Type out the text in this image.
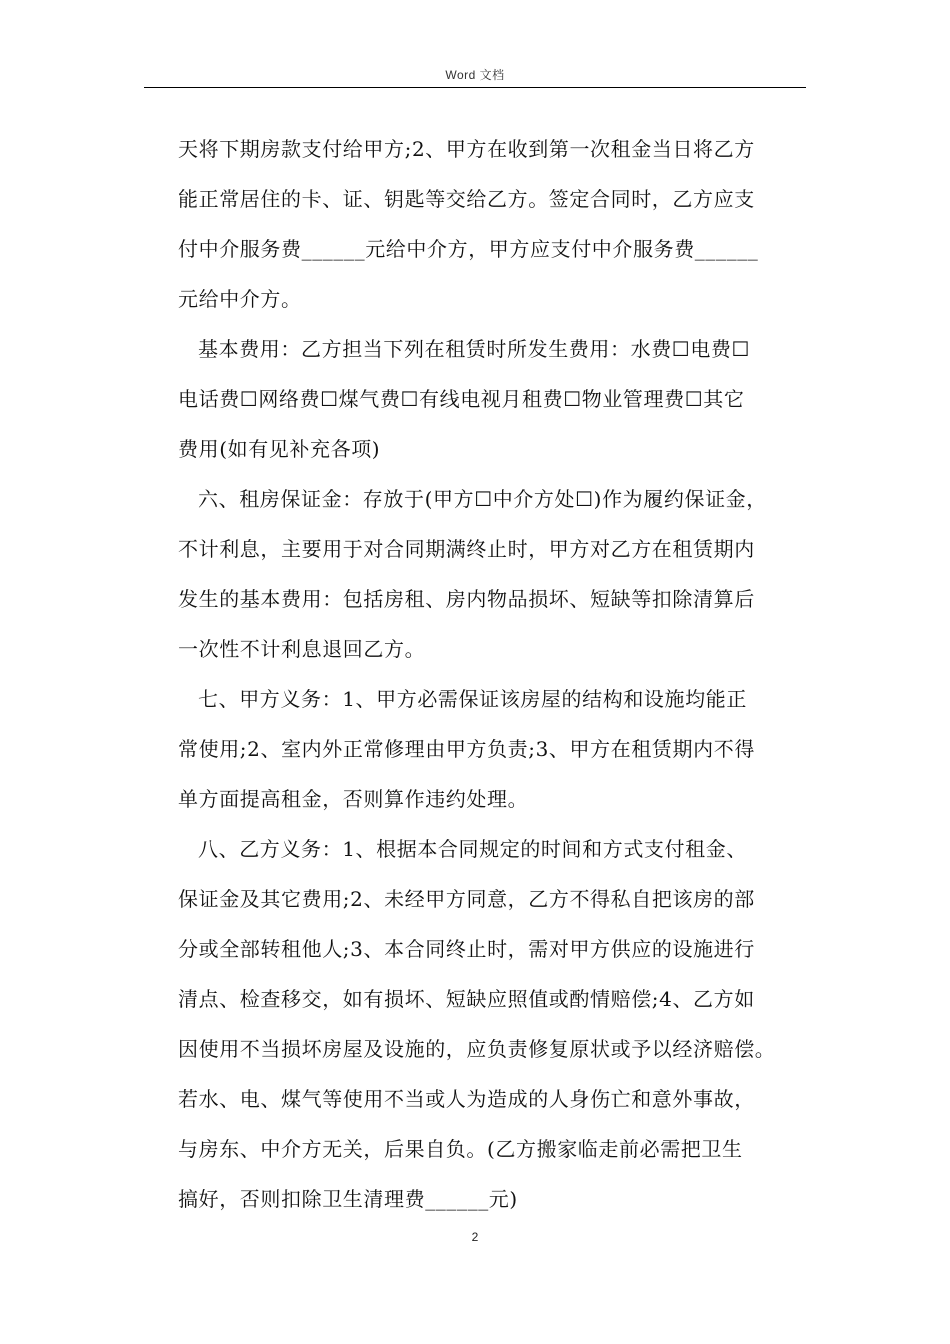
Word 文档
天将下期房款支付给甲方;2、甲方在收到第一次租金当日将乙方
能正常居住的卡、证、钥匙等交给乙方。签定合同时，乙方应支
付中介服务费______元给中介方，甲方应支付中介服务费______
元给中介方。
基本费用：乙方担当下列在租赁时所发生费用：水费☐电费☐
电话费☐网络费☐煤气费☐有线电视月租费☐物业管理费☐其它
费用(如有见补充各项)
六、租房保证金：存放于(甲方☐中介方处☐)作为履约保证金，
不计利息，主要用于对合同期满终止时，甲方对乙方在租赁期内
发生的基本费用：包括房租、房内物品损坏、短缺等扣除清算后
一次性不计利息退回乙方。
七、甲方义务：1、甲方必需保证该房屋的结构和设施均能正
常使用;2、室内外正常修理由甲方负责;3、甲方在租赁期内不得
单方面提高租金，否则算作违约处理。
八、乙方义务：1、根据本合同规定的时间和方式支付租金、
保证金及其它费用;2、未经甲方同意，乙方不得私自把该房的部
分或全部转租他人;3、本合同终止时，需对甲方供应的设施进行
清点、检查移交，如有损坏、短缺应照值或酌情赔偿;4、乙方如
因使用不当损坏房屋及设施的，应负责修复原状或予以经济赔偿。
若水、电、煤气等使用不当或人为造成的人身伤亡和意外事故，
与房东、中介方无关，后果自负。(乙方搬家临走前必需把卫生
搞好，否则扣除卫生清理费______元)
2
